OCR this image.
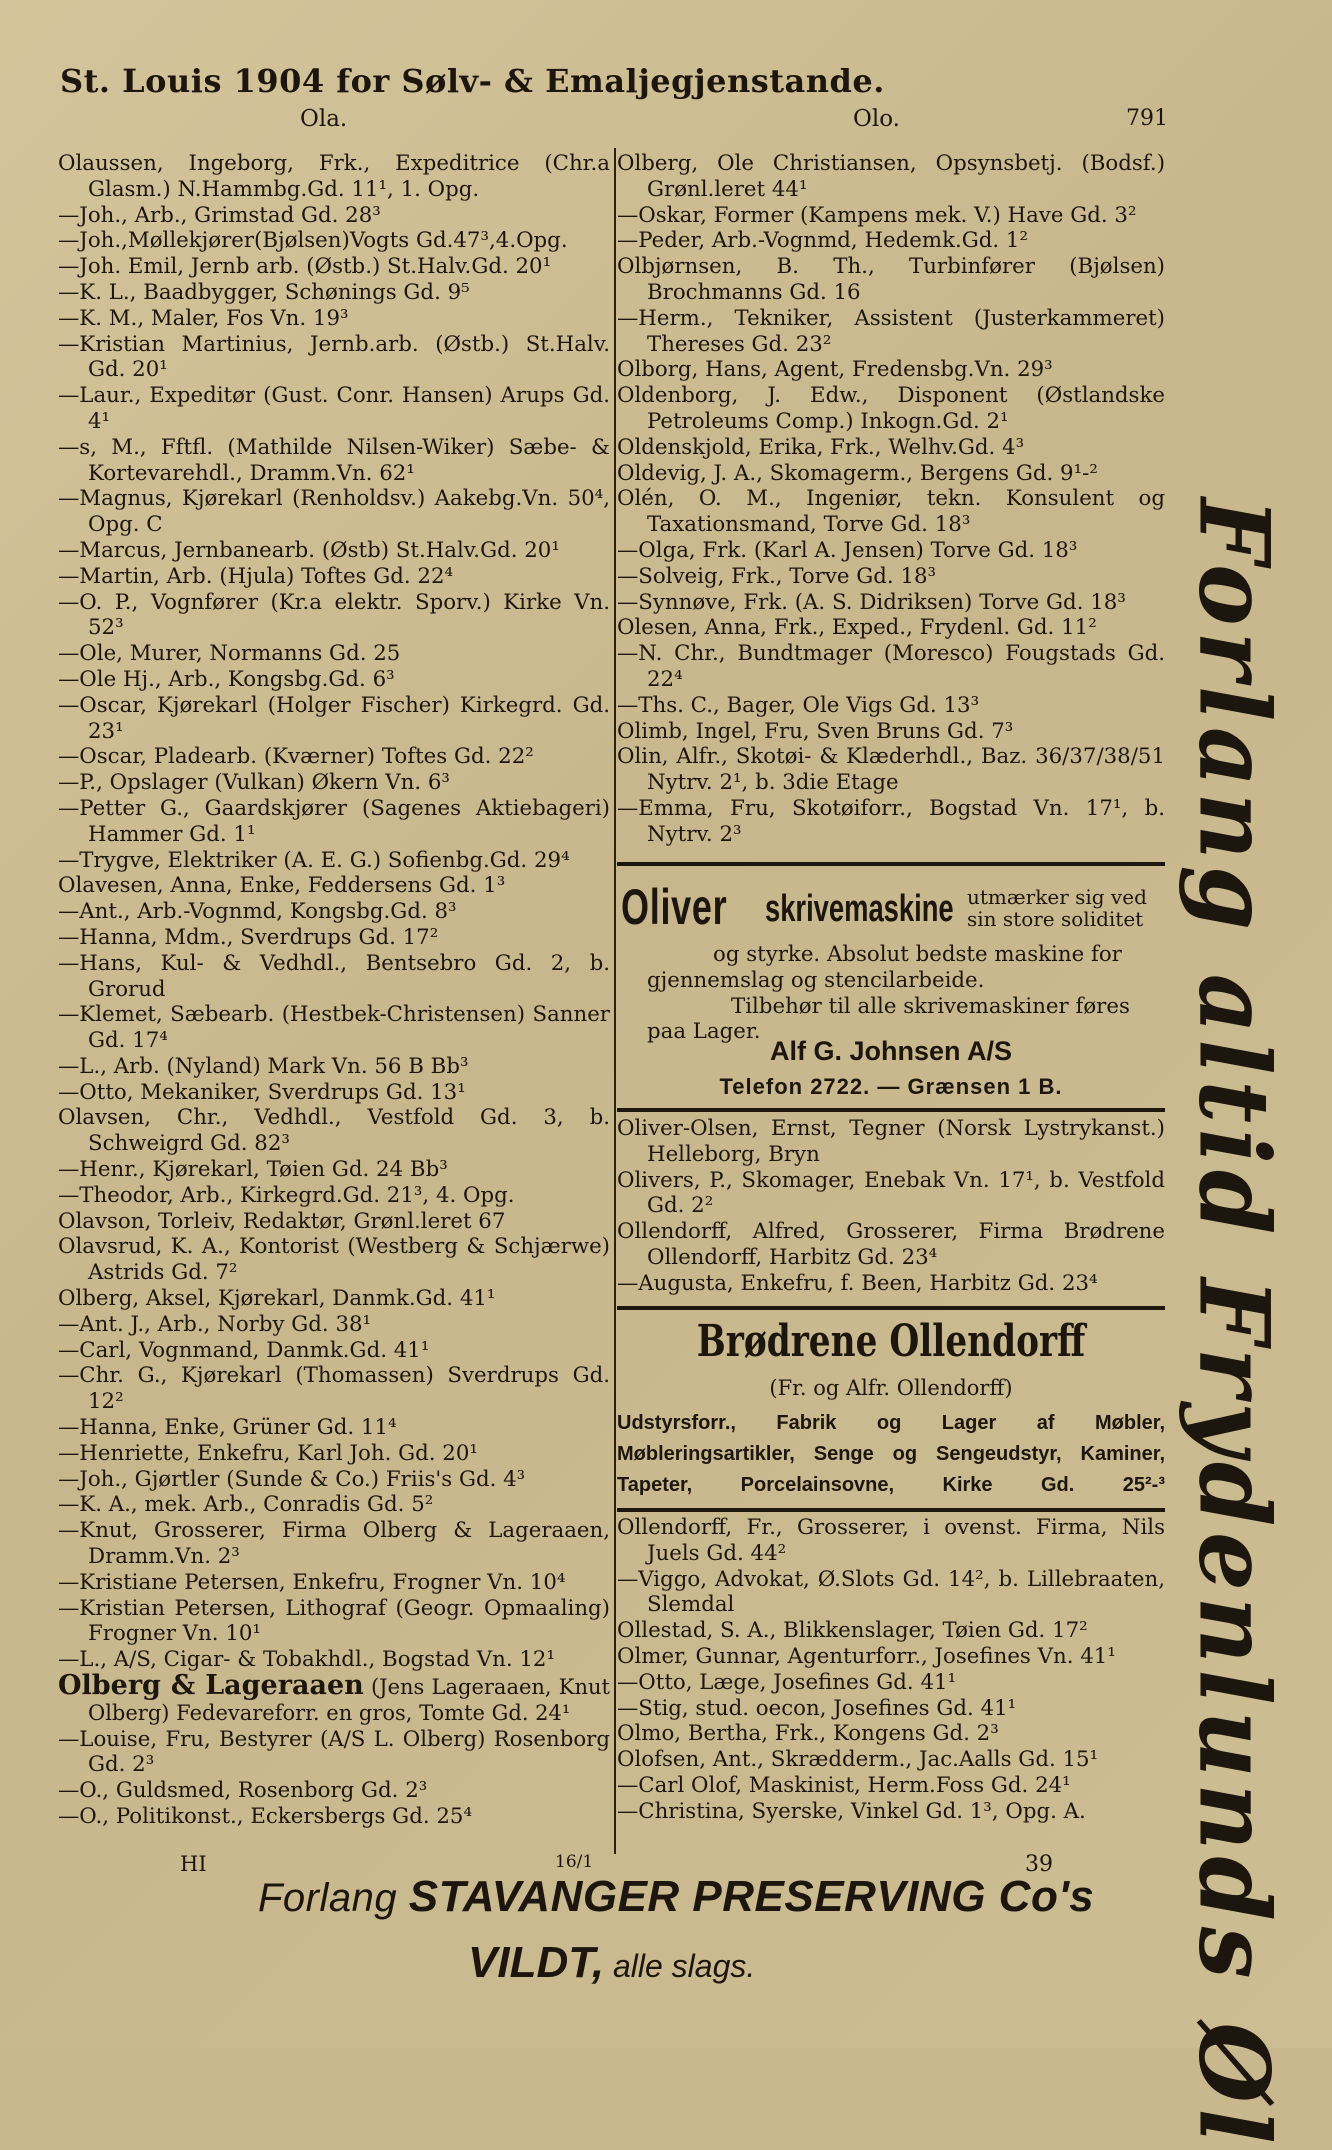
St. Louis 1904 for Sølv- & Emaljegjenstande.
Ola.	Olo.	791
Olaussen, Ingeborg, Frk., Expeditrice (Chr.a Glasm.) N.Hammbg.Gd. 11¹, 1. Opg.
—Joh., Arb., Grimstad Gd. 28³
—Joh.,Møllekjører(Bjølsen)Vogts Gd.47³,4.Opg.
—Joh. Emil, Jernb arb. (Østb.) St.Halv.Gd. 20¹
—K. L., Baadbygger, Schønings Gd. 9⁵
—K. M., Maler, Fos Vn. 19³
—Kristian Martinius, Jernb.arb. (Østb.) St.Halv. Gd. 20¹
—Laur., Expeditør (Gust. Conr. Hansen) Arups Gd. 4¹
—s, M., Fftfl. (Mathilde Nilsen-Wiker) Sæbe- & Kortevarehdl., Dramm.Vn. 62¹
—Magnus, Kjørekarl (Renholdsv.) Aakebg.Vn. 50⁴, Opg. C
—Marcus, Jernbanearb. (Østb) St.Halv.Gd. 20¹
—Martin, Arb. (Hjula) Toftes Gd. 22⁴
—O. P., Vognfører (Kr.a elektr. Sporv.) Kirke Vn. 52³
—Ole, Murer, Normanns Gd. 25
—Ole Hj., Arb., Kongsbg.Gd. 6³
—Oscar, Kjørekarl (Holger Fischer) Kirkegrd. Gd. 23¹
—Oscar, Pladearb. (Kværner) Toftes Gd. 22²
—P., Opslager (Vulkan) Økern Vn. 6³
—Petter G., Gaardskjører (Sagenes Aktiebageri) Hammer Gd. 1¹
—Trygve, Elektriker (A. E. G.) Sofienbg.Gd. 29⁴
Olavesen, Anna, Enke, Feddersens Gd. 1³
—Ant., Arb.-Vognmd, Kongsbg.Gd. 8³
—Hanna, Mdm., Sverdrups Gd. 17²
—Hans, Kul- & Vedhdl., Bentsebro Gd. 2, b. Grorud
—Klemet, Sæbearb. (Hestbek-Christensen) Sanner Gd. 17⁴
—L., Arb. (Nyland) Mark Vn. 56 B Bb³
—Otto, Mekaniker, Sverdrups Gd. 13¹
Olavsen, Chr., Vedhdl., Vestfold Gd. 3, b. Schweigrd Gd. 82³
—Henr., Kjørekarl, Tøien Gd. 24 Bb³
—Theodor, Arb., Kirkegrd.Gd. 21³, 4. Opg.
Olavson, Torleiv, Redaktør, Grønl.leret 67
Olavsrud, K. A., Kontorist (Westberg & Schjærwe) Astrids Gd. 7²
Olberg, Aksel, Kjørekarl, Danmk.Gd. 41¹
—Ant. J., Arb., Norby Gd. 38¹
—Carl, Vognmand, Danmk.Gd. 41¹
—Chr. G., Kjørekarl (Thomassen) Sverdrups Gd. 12²
—Hanna, Enke, Grüner Gd. 11⁴
—Henriette, Enkefru, Karl Joh. Gd. 20¹
—Joh., Gjørtler (Sunde & Co.) Friis's Gd. 4³
—K. A., mek. Arb., Conradis Gd. 5²
—Knut, Grosserer, Firma Olberg & Lageraaen, Dramm.Vn. 2³
—Kristiane Petersen, Enkefru, Frogner Vn. 10⁴
—Kristian Petersen, Lithograf (Geogr. Opmaaling) Frogner Vn. 10¹
—L., A/S, Cigar- & Tobakhdl., Bogstad Vn. 12¹
Olberg & Lageraaen (Jens Lageraaen, Knut Olberg) Fedevareforr. en gros, Tomte Gd. 24¹
—Louise, Fru, Bestyrer (A/S L. Olberg) Rosenborg Gd. 2³
—O., Guldsmed, Rosenborg Gd. 2³
—O., Politikonst., Eckersbergs Gd. 25⁴
Olberg, Ole Christiansen, Opsynsbetj. (Bodsf.) Grønl.leret 44¹
—Oskar, Former (Kampens mek. V.) Have Gd. 3²
—Peder, Arb.-Vognmd, Hedemk.Gd. 1²
Olbjørnsen, B. Th., Turbinfører (Bjølsen) Brochmanns Gd. 16
—Herm., Tekniker, Assistent (Justerkammeret) Thereses Gd. 23²
Olborg, Hans, Agent, Fredensbg.Vn. 29³
Oldenborg, J. Edw., Disponent (Østlandske Petroleums Comp.) Inkogn.Gd. 2¹
Oldenskjold, Erika, Frk., Welhv.Gd. 4³
Oldevig, J. A., Skomagerm., Bergens Gd. 9¹-²
Olén, O. M., Ingeniør, tekn. Konsulent og Taxationsmand, Torve Gd. 18³
—Olga, Frk. (Karl A. Jensen) Torve Gd. 18³
—Solveig, Frk., Torve Gd. 18³
—Synnøve, Frk. (A. S. Didriksen) Torve Gd. 18³
Olesen, Anna, Frk., Exped., Frydenl. Gd. 11²
—N. Chr., Bundtmager (Moresco) Fougstads Gd. 22⁴
—Ths. C., Bager, Ole Vigs Gd. 13³
Olimb, Ingel, Fru, Sven Bruns Gd. 7³
Olin, Alfr., Skotøi- & Klæderhdl., Baz. 36/37/38/51 Nytrv. 2¹, b. 3die Etage
—Emma, Fru, Skotøiforr., Bogstad Vn. 17¹, b. Nytrv. 2³
Oliver skrivemaskine utmærker sig ved
sin store soliditet
og styrke. Absolut bedste maskine for
gjennemslag og stencilarbeide.
Tilbehør til alle skrivemaskiner føres
paa Lager.
Alf G. Johnsen A/S
Telefon 2722. — Grænsen 1 B.
Oliver-Olsen, Ernst, Tegner (Norsk Lystrykanst.) Helleborg, Bryn
Olivers, P., Skomager, Enebak Vn. 17¹, b. Vestfold Gd. 2²
Ollendorff, Alfred, Grosserer, Firma Brødrene Ollendorff, Harbitz Gd. 23⁴
—Augusta, Enkefru, f. Been, Harbitz Gd. 23⁴
Brødrene Ollendorff
(Fr. og Alfr. Ollendorff)
Udstyrsforr., Fabrik og Lager af Møbler, Møbleringsartikler, Senge og Sengeudstyr, Kaminer, Tapeter, Porcelainsovne, Kirke Gd. 25²-³
Ollendorff, Fr., Grosserer, i ovenst. Firma, Nils Juels Gd. 44²
—Viggo, Advokat, Ø.Slots Gd. 14², b. Lillebraaten, Slemdal
Ollestad, S. A., Blikkenslager, Tøien Gd. 17²
Olmer, Gunnar, Agenturforr., Josefines Vn. 41¹
—Otto, Læge, Josefines Gd. 41¹
—Stig, stud. oecon, Josefines Gd. 41¹
Olmo, Bertha, Frk., Kongens Gd. 2³
Olofsen, Ant., Skrædderm., Jac.Aalls Gd. 15¹
—Carl Olof, Maskinist, Herm.Foss Gd. 24¹
—Christina, Syerske, Vinkel Gd. 1³, Opg. A. Forlang altid Frydenlunds Øl
HI	16/1	39
Forlang STAVANGER PRESERVING Co's
VILDT, alle slags.
